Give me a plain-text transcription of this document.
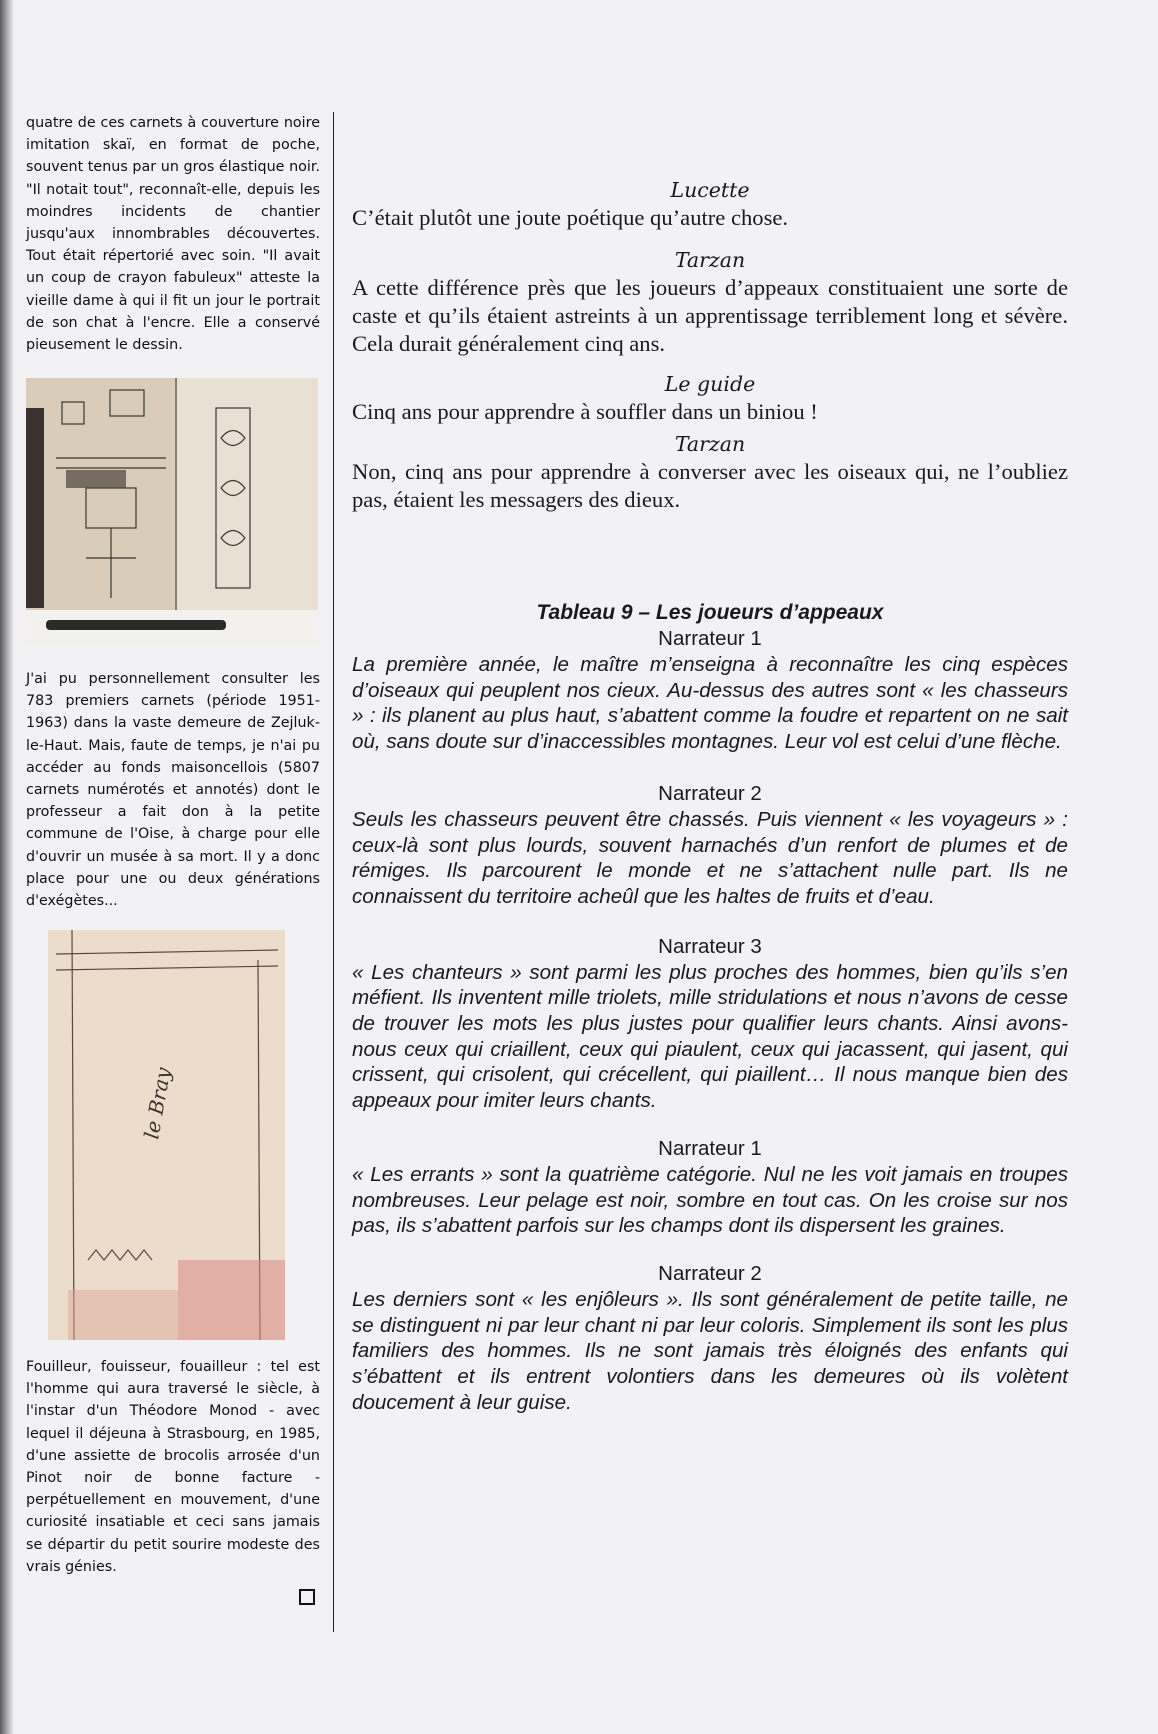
quatre de ces carnets à couverture noire imitation skaï, en format de poche, souvent tenus par un gros élastique noir. "Il notait tout", reconnaît-elle, depuis les moindres incidents de chantier jusqu'aux innombrables découvertes. Tout était répertorié avec soin. "Il avait un coup de crayon fabuleux" atteste la vieille dame à qui il fit un jour le portrait de son chat à l'encre. Elle a conservé pieusement le dessin.

J'ai pu personnellement consulter les 783 premiers carnets (période 1951-1963) dans la vaste demeure de Zejluk-le-Haut. Mais, faute de temps, je n'ai pu accéder au fonds maisoncellois (5807 carnets numérotés et annotés) dont le professeur a fait don à la petite commune de l'Oise, à charge pour elle d'ouvrir un musée à sa mort. Il y a donc place pour une ou deux générations d'exégètes...

le Bray

Fouilleur, fouisseur, fouailleur : tel est l'homme qui aura traversé le siècle, à l'instar d'un Théodore Monod - avec lequel il déjeuna à Strasbourg, en 1985, d'une assiette de brocolis arrosée d'un Pinot noir de bonne facture - perpétuellement en mouvement, d'une curiosité insatiable et ceci sans jamais se départir du petit sourire modeste des vrais génies.

Lucette

C’était plutôt une joute poétique qu’autre chose.

Tarzan

A cette différence près que les joueurs d’appeaux constituaient une sorte de caste et qu’ils étaient astreints à un apprentissage terriblement long et sévère. Cela durait généralement cinq ans.

Le guide

Cinq ans pour apprendre à souffler dans un biniou !

Tarzan

Non, cinq ans pour apprendre à converser avec les oiseaux qui, ne l’oubliez pas, étaient les messagers des dieux.

Tableau 9 – Les joueurs d’appeaux

Narrateur 1

La première année, le maître m’enseigna à reconnaître les cinq espèces d’oiseaux qui peuplent nos cieux. Au-dessus des autres sont « les chasseurs » : ils planent au plus haut, s’abattent comme la foudre et repartent on ne sait où, sans doute sur d’inaccessibles montagnes. Leur vol est celui d’une flèche.

Narrateur 2

Seuls les chasseurs peuvent être chassés. Puis viennent « les voyageurs » : ceux-là sont plus lourds, souvent harnachés d’un renfort de plumes et de rémiges. Ils parcourent le monde et ne s’attachent nulle part. Ils ne connaissent du territoire acheûl que les haltes de fruits et d’eau.

Narrateur 3

« Les chanteurs » sont parmi les plus proches des hommes, bien qu’ils s’en méfient. Ils inventent mille triolets, mille stridulations et nous n’avons de cesse de trouver les mots les plus justes pour qualifier leurs chants. Ainsi avons-nous ceux qui criaillent, ceux qui piaulent, ceux qui jacassent, qui jasent, qui crissent, qui crisolent, qui crécellent, qui piaillent… Il nous manque bien des appeaux pour imiter leurs chants.

Narrateur 1

« Les errants » sont la quatrième catégorie. Nul ne les voit jamais en troupes nombreuses. Leur pelage est noir, sombre en tout cas. On les croise sur nos pas, ils s’abattent parfois sur les champs dont ils dispersent les graines.

Narrateur 2

Les derniers sont « les enjôleurs ». Ils sont généralement de petite taille, ne se distinguent ni par leur chant ni par leur coloris. Simplement ils sont les plus familiers des hommes. Ils ne sont jamais très éloignés des enfants qui s’ébattent et ils entrent volontiers dans les demeures où ils volètent doucement à leur guise.
